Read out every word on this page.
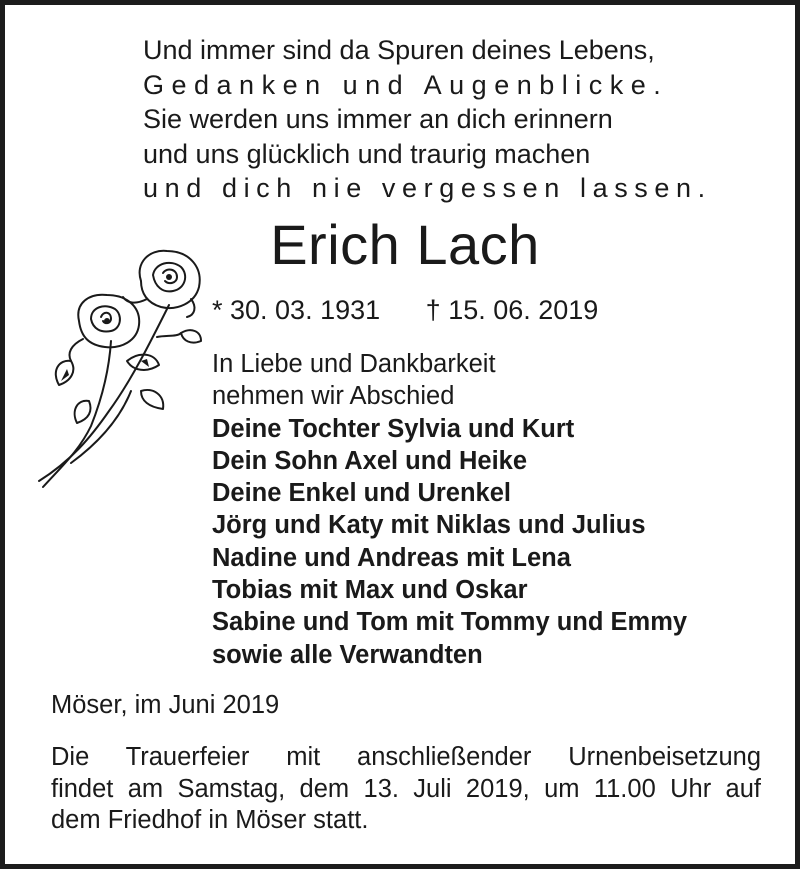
Und immer sind da Spuren deines Lebens,
Gedanken und Augenblicke.
Sie werden uns immer an dich erinnern
und uns glücklich und traurig machen
und dich nie vergessen lassen.
Erich Lach
* 30. 03. 1931 † 15. 06. 2019
In Liebe und Dankbarkeit
nehmen wir Abschied
Deine Tochter Sylvia und Kurt
Dein Sohn Axel und Heike
Deine Enkel und Urenkel
Jörg und Katy mit Niklas und Julius
Nadine und Andreas mit Lena
Tobias mit Max und Oskar
Sabine und Tom mit Tommy und Emmy
sowie alle Verwandten
Möser, im Juni 2019
Die Trauerfeier mit anschließender Urnenbeisetzung
findet am Samstag, dem 13. Juli 2019, um 11.00 Uhr auf
dem Friedhof in Möser statt.
